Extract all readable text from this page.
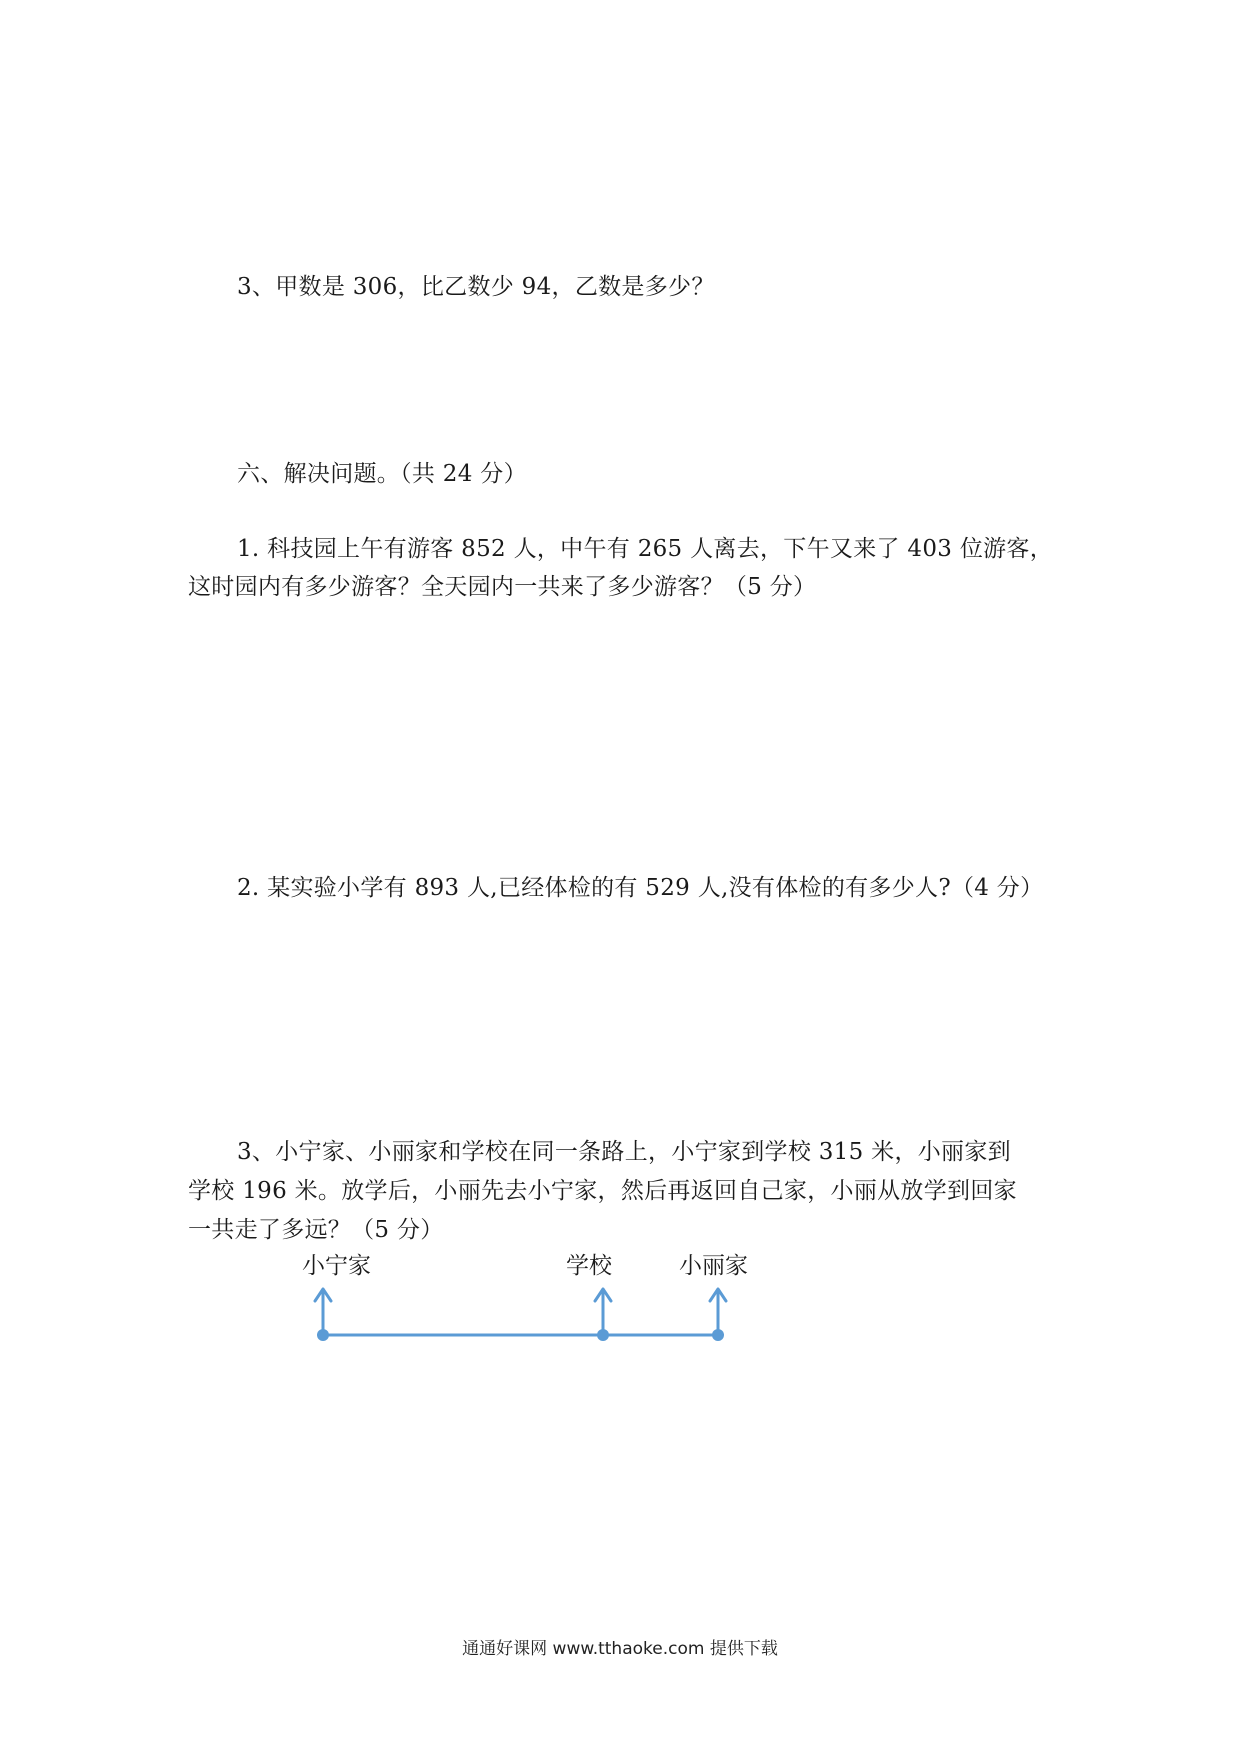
3、甲数是 306，比乙数少 94，乙数是多少？
六、解决问题。（共 24 分）
1. 科技园上午有游客 852 人，中午有 265 人离去，下午又来了 403 位游客，
这时园内有多少游客？全天园内一共来了多少游客？（5 分）
2. 某实验小学有 893 人,已经体检的有 529 人,没有体检的有多少人?（4 分）
3、小宁家、小丽家和学校在同一条路上，小宁家到学校 315 米，小丽家到
学校 196 米。放学后，小丽先去小宁家，然后再返回自己家，小丽从放学到回家
一共走了多远？（5 分）
小宁家	学校	小丽家
通通好课网 www.tthaoke.com 提供下载
